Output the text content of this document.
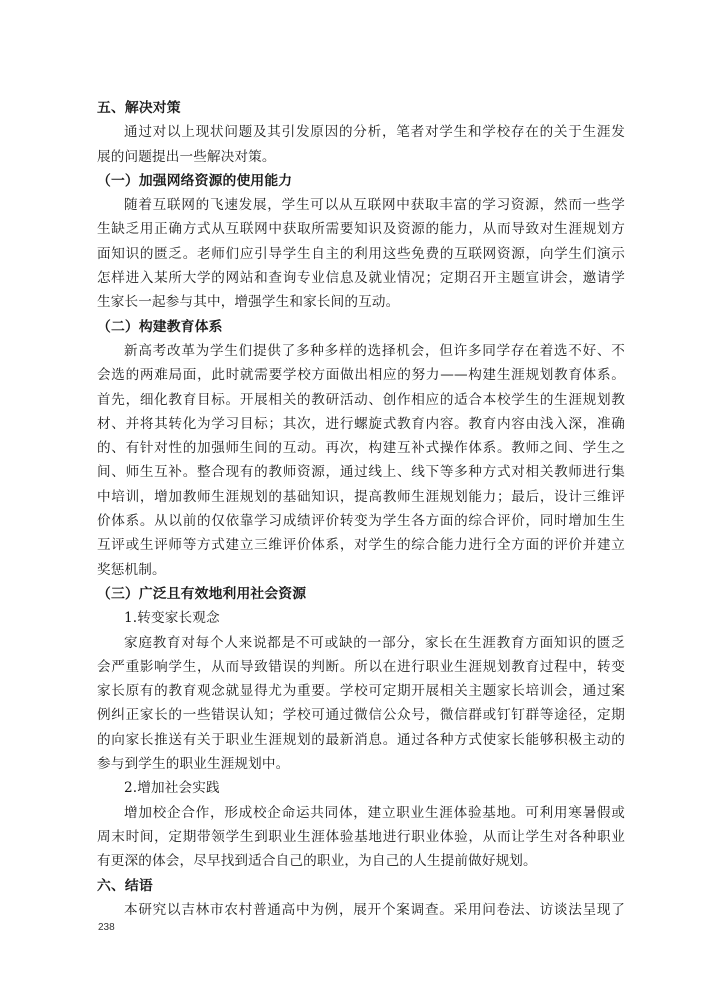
五、解决对策
通过对以上现状问题及其引发原因的分析，笔者对学生和学校存在的关于生涯发
展的问题提出一些解决对策。
（一）加强网络资源的使用能力
随着互联网的飞速发展，学生可以从互联网中获取丰富的学习资源，然而一些学
生缺乏用正确方式从互联网中获取所需要知识及资源的能力，从而导致对生涯规划方
面知识的匮乏。老师们应引导学生自主的利用这些免费的互联网资源，向学生们演示
怎样进入某所大学的网站和查询专业信息及就业情况；定期召开主题宣讲会，邀请学
生家长一起参与其中，增强学生和家长间的互动。
（二）构建教育体系
新高考改革为学生们提供了多种多样的选择机会，但许多同学存在着选不好、不
会选的两难局面，此时就需要学校方面做出相应的努力——构建生涯规划教育体系。
首先，细化教育目标。开展相关的教研活动、创作相应的适合本校学生的生涯规划教
材、并将其转化为学习目标；其次，进行螺旋式教育内容。教育内容由浅入深，准确
的、有针对性的加强师生间的互动。再次，构建互补式操作体系。教师之间、学生之
间、师生互补。整合现有的教师资源，通过线上、线下等多种方式对相关教师进行集
中培训，增加教师生涯规划的基础知识，提高教师生涯规划能力；最后，设计三维评
价体系。从以前的仅依靠学习成绩评价转变为学生各方面的综合评价，同时增加生生
互评或生评师等方式建立三维评价体系，对学生的综合能力进行全方面的评价并建立
奖惩机制。
（三）广泛且有效地利用社会资源
1.转变家长观念
家庭教育对每个人来说都是不可或缺的一部分，家长在生涯教育方面知识的匮乏
会严重影响学生，从而导致错误的判断。所以在进行职业生涯规划教育过程中，转变
家长原有的教育观念就显得尤为重要。学校可定期开展相关主题家长培训会，通过案
例纠正家长的一些错误认知；学校可通过微信公众号，微信群或钉钉群等途径，定期
的向家长推送有关于职业生涯规划的最新消息。通过各种方式使家长能够积极主动的
参与到学生的职业生涯规划中。
2.增加社会实践
增加校企合作，形成校企命运共同体，建立职业生涯体验基地。可利用寒暑假或
周末时间，定期带领学生到职业生涯体验基地进行职业体验，从而让学生对各种职业
有更深的体会，尽早找到适合自己的职业，为自己的人生提前做好规划。
六、结语
本研究以吉林市农村普通高中为例，展开个案调查。采用问卷法、访谈法呈现了
238
